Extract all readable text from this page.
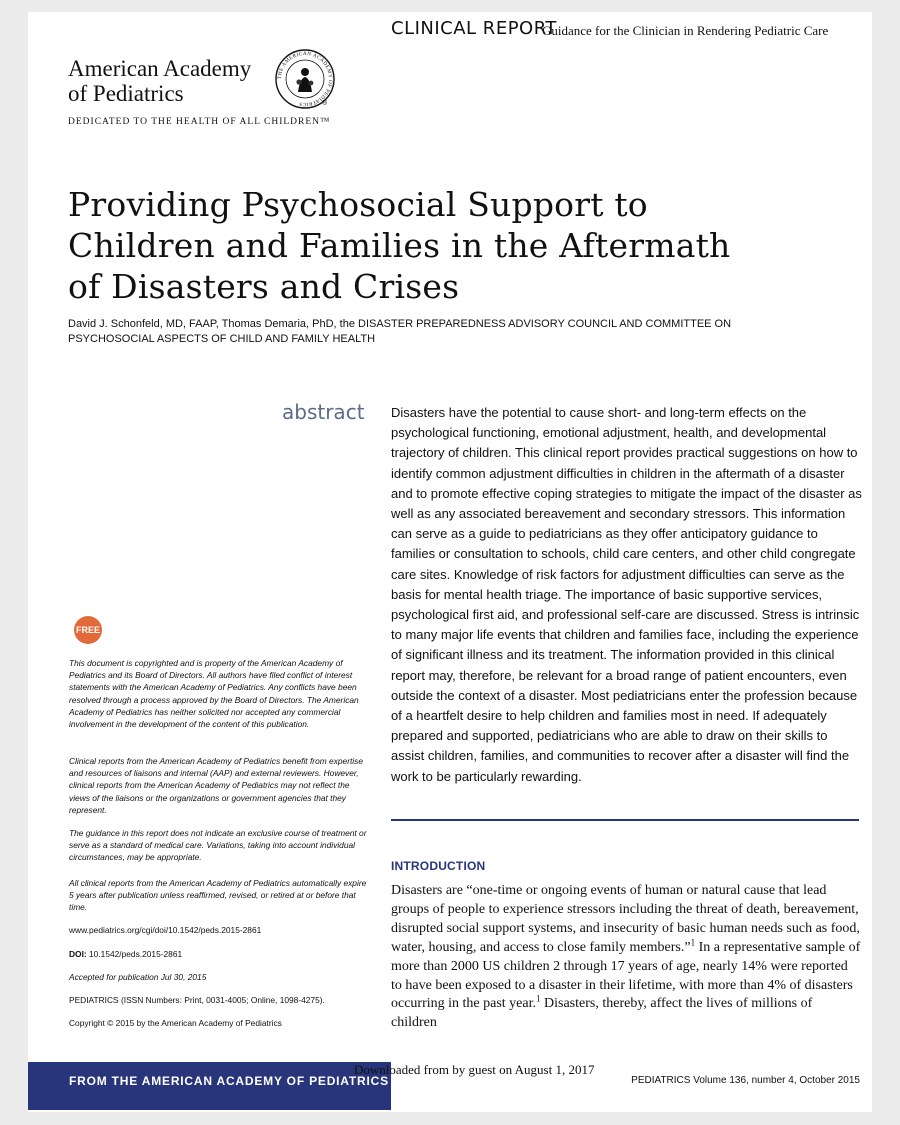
CLINICAL REPORT
Guidance for the Clinician in Rendering Pediatric Care
American Academy
of Pediatrics
THE AMERICAN ACADEMY OF PEDIATRICS	®
DEDICATED TO THE HEALTH OF ALL CHILDREN™
Providing Psychosocial Support to Children and Families in the Aftermath of Disasters and Crises
David J. Schonfeld, MD, FAAP, Thomas Demaria, PhD, the DISASTER PREPAREDNESS ADVISORY COUNCIL AND COMMITTEE ON PSYCHOSOCIAL ASPECTS OF CHILD AND FAMILY HEALTH
abstract Disasters have the potential to cause short- and long-term effects on the psychological functioning, emotional adjustment, health, and developmental trajectory of children. This clinical report provides practical suggestions on how to identify common adjustment difficulties in children in the aftermath of a disaster and to promote effective coping strategies to mitigate the impact of the disaster as well as any associated bereavement and secondary stressors. This information can serve as a guide to pediatricians as they offer anticipatory guidance to families or consultation to schools, child care centers, and other child congregate care sites. Knowledge of risk factors for adjustment difficulties can serve as the basis for mental health triage. The importance of basic supportive services, psychological first aid, and professional self-care are discussed. Stress is intrinsic to many major life events that children and families face, including the experience of significant illness and its treatment. The information provided in this clinical report may, therefore, be relevant for a broad range of patient encounters, even outside the context of a disaster. Most pediatricians enter the profession because of a heartfelt desire to help children and families most in need. If adequately prepared and supported, pediatricians who are able to draw on their skills to assist children, families, and communities to recover after a disaster will find the work to be particularly rewarding.
FREE
This document is copyrighted and is property of the American Academy of Pediatrics and its Board of Directors. All authors have filed conflict of interest statements with the American Academy of Pediatrics. Any conflicts have been resolved through a process approved by the Board of Directors. The American Academy of Pediatrics has neither solicited nor accepted any commercial involvement in the development of the content of this publication.
Clinical reports from the American Academy of Pediatrics benefit from expertise and resources of liaisons and internal (AAP) and external reviewers. However, clinical reports from the American Academy of Pediatrics may not reflect the views of the liaisons or the organizations or government agencies that they represent.
The guidance in this report does not indicate an exclusive course of treatment or serve as a standard of medical care. Variations, taking into account individual circumstances, may be appropriate.
All clinical reports from the American Academy of Pediatrics automatically expire 5 years after publication unless reaffirmed, revised, or retired at or before that time.
www.pediatrics.org/cgi/doi/10.1542/peds.2015-2861
DOI: 10.1542/peds.2015-2861
Accepted for publication Jul 30, 2015
PEDIATRICS (ISSN Numbers: Print, 0031-4005; Online, 1098-4275).
Copyright © 2015 by the American Academy of Pediatrics
INTRODUCTION
Disasters are “one-time or ongoing events of human or natural cause that lead groups of people to experience stressors including the threat of death, bereavement, disrupted social support systems, and insecurity of basic human needs such as food, water, housing, and access to close family members.”$^1$ In a representative sample of more than 2000 US children 2 through 17 years of age, nearly 14% were reported to have been exposed to a disaster in their lifetime, with more than 4% of disasters occurring in the past year.$^1$ Disasters, thereby, affect the lives of millions of children
FROM THE AMERICAN ACADEMY OF PEDIATRICS
Downloaded from by guest on August 1, 2017
PEDIATRICS Volume 136, number 4, October 2015
